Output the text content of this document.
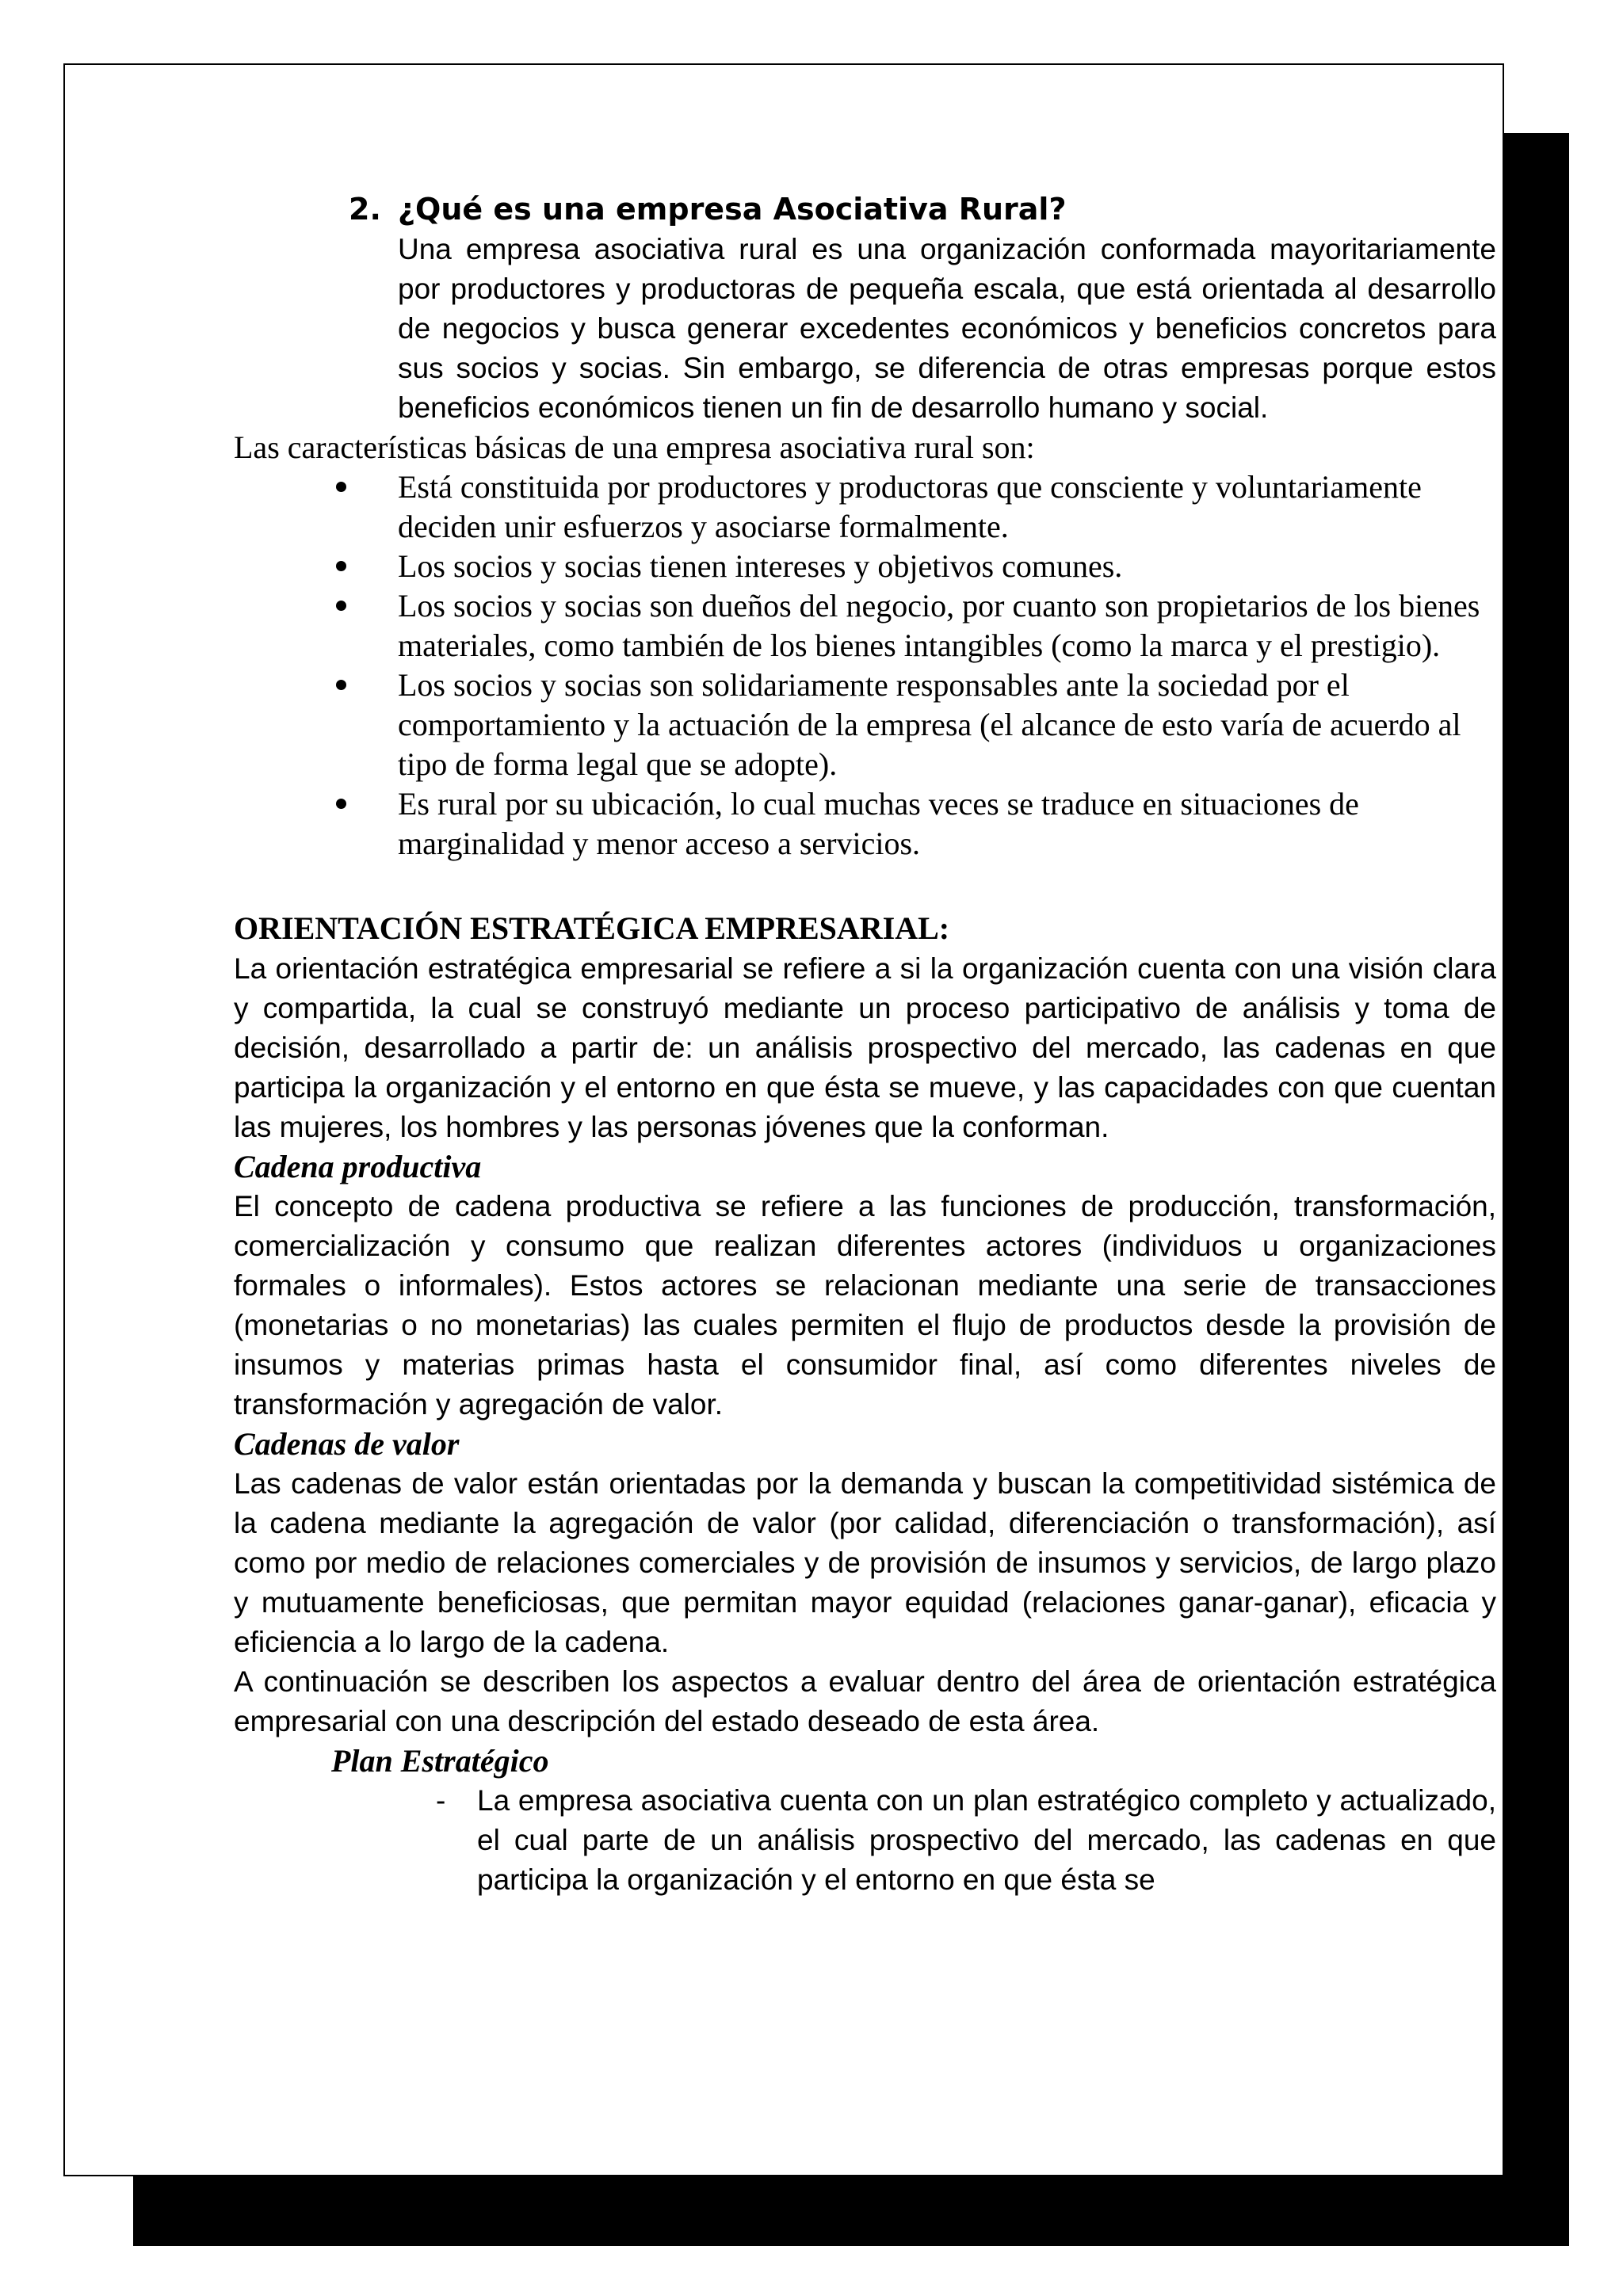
2. ¿Qué es una empresa Asociativa Rural?

Una empresa asociativa rural es una organización conformada mayoritariamente por productores y productoras de pequeña escala, que está orientada al desarrollo de negocios y busca generar excedentes económicos y beneficios concretos para sus socios y socias. Sin embargo, se diferencia de otras empresas porque estos beneficios económicos tienen un fin de desarrollo humano y social.

Las características básicas de una empresa asociativa rural son:

Está constituida por productores y productoras que consciente y voluntariamente deciden unir esfuerzos y asociarse formalmente.
Los socios y socias tienen intereses y objetivos comunes.
Los socios y socias son dueños del negocio, por cuanto son propietarios de los bienes materiales, como también de los bienes intangibles (como la marca y el prestigio).
Los socios y socias son solidariamente responsables ante la sociedad por el comportamiento y la actuación de la empresa (el alcance de esto varía de acuerdo al tipo de forma legal que se adopte).
Es rural por su ubicación, lo cual muchas veces se traduce en situaciones de marginalidad y menor acceso a servicios.
ORIENTACIÓN ESTRATÉGICA EMPRESARIAL:

La orientación estratégica empresarial se refiere a si la organización cuenta con una visión clara y compartida, la cual se construyó mediante un proceso participativo de análisis y toma de decisión, desarrollado a partir de: un análisis prospectivo del mercado, las cadenas en que participa la organización y el entorno en que ésta se mueve, y las capacidades con que cuentan las mujeres, los hombres y las personas jóvenes que la conforman.

Cadena productiva

El concepto de cadena productiva se refiere a las funciones de producción, transformación, comercialización y consumo que realizan diferentes actores (individuos u organizaciones formales o informales). Estos actores se relacionan mediante una serie de transacciones (monetarias o no monetarias) las cuales permiten el flujo de productos desde la provisión de insumos y materias primas hasta el consumidor final, así como diferentes niveles de transformación y agregación de valor.

Cadenas de valor

Las cadenas de valor están orientadas por la demanda y buscan la competitividad sistémica de la cadena mediante la agregación de valor (por calidad, diferenciación o transformación), así como por medio de relaciones comerciales y de provisión de insumos y servicios, de largo plazo y mutuamente beneficiosas, que permitan mayor equidad (relaciones ganar-ganar), eficacia y eficiencia a lo largo de la cadena.

A continuación se describen los aspectos a evaluar dentro del área de orientación estratégica empresarial con una descripción del estado deseado de esta área.

Plan Estratégico
- La empresa asociativa cuenta con un plan estratégico completo y actualizado, el cual parte de un análisis prospectivo del mercado, las cadenas en que participa la organización y el entorno en que ésta se
4
